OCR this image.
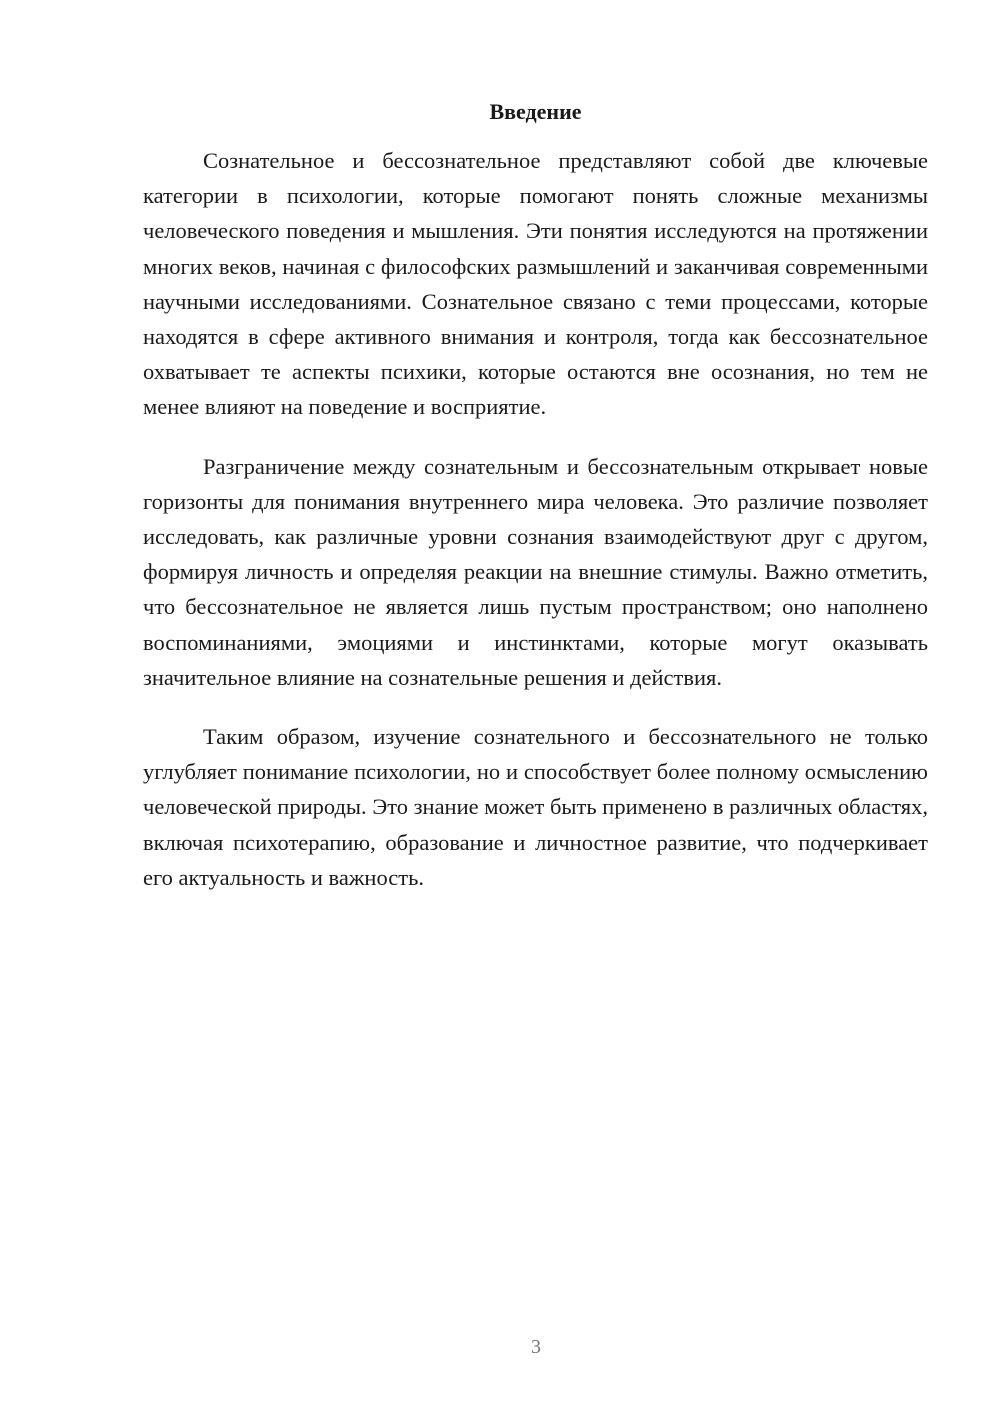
Введение

Сознательное и бессознательное представляют собой две ключевые категории в психологии, которые помогают понять сложные механизмы человеческого поведения и мышления. Эти понятия исследуются на протяжении многих веков, начиная с философских размышлений и заканчивая современными научными исследованиями. Сознательное связано с теми процессами, которые находятся в сфере активного внимания и контроля, тогда как бессознательное охватывает те аспекты психики, которые остаются вне осознания, но тем не менее влияют на поведение и восприятие.

Разграничение между сознательным и бессознательным открывает новые горизонты для понимания внутреннего мира человека. Это различие позволяет исследовать, как различные уровни сознания взаимодействуют друг с другом, формируя личность и определяя реакции на внешние стимулы. Важно отметить, что бессознательное не является лишь пустым пространством; оно наполнено воспоминаниями, эмоциями и инстинктами, которые могут оказывать значительное влияние на сознательные решения и действия.

Таким образом, изучение сознательного и бессознательного не только углубляет понимание психологии, но и способствует более полному осмыслению человеческой природы. Это знание может быть применено в различных областях, включая психотерапию, образование и личностное развитие, что подчеркивает его актуальность и важность.

3
